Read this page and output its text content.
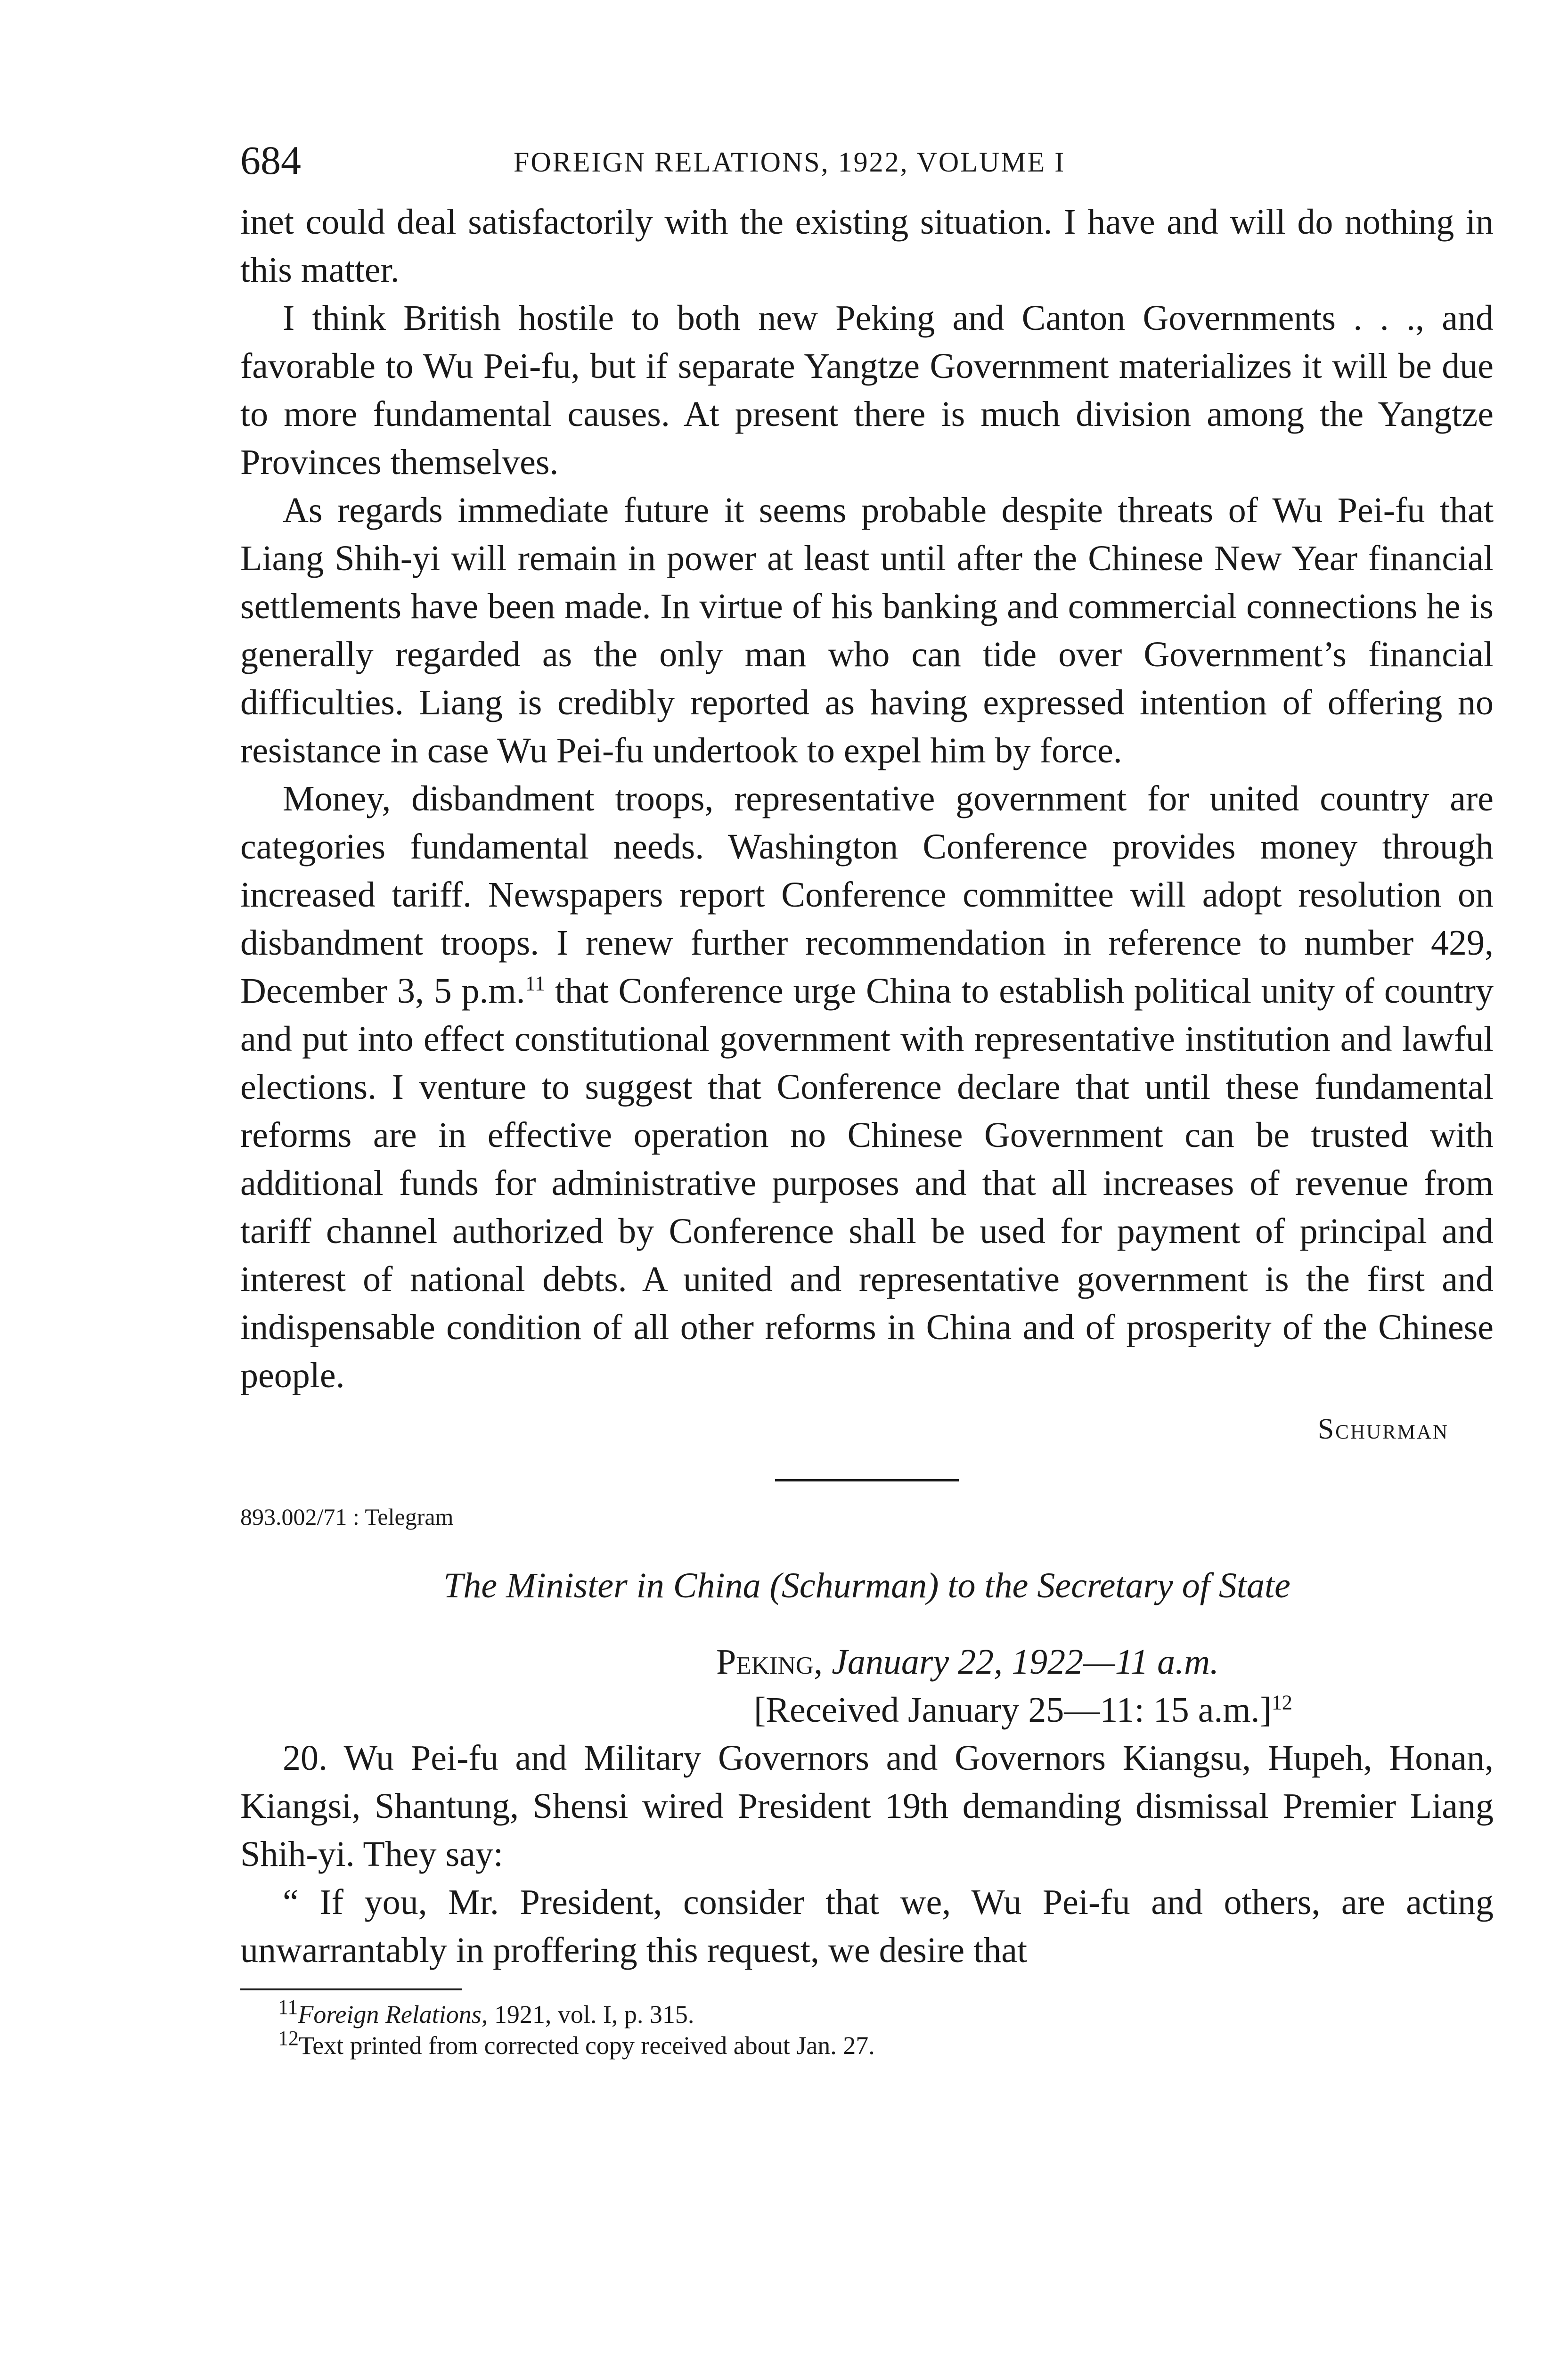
684	FOREIGN RELATIONS, 1922, VOLUME I

inet could deal satisfactorily with the existing situation. I have and will do nothing in this matter.

I think British hostile to both new Peking and Canton Governments . . ., and favorable to Wu Pei-fu, but if separate Yangtze Government materializes it will be due to more fundamental causes. At present there is much division among the Yangtze Provinces themselves.

As regards immediate future it seems probable despite threats of Wu Pei-fu that Liang Shih-yi will remain in power at least until after the Chinese New Year financial settlements have been made. In virtue of his banking and commercial connections he is generally regarded as the only man who can tide over Government’s financial difficulties. Liang is credibly reported as having expressed intention of offering no resistance in case Wu Pei-fu undertook to expel him by force.

Money, disbandment troops, representative government for united country are categories fundamental needs. Washington Conference provides money through increased tariff. Newspapers report Conference committee will adopt resolution on disbandment troops. I renew further recommendation in reference to number 429, December 3, 5 p.m.$^{11}$ that Conference urge China to establish political unity of country and put into effect constitutional government with representative institution and lawful elections. I venture to suggest that Conference declare that until these fundamental reforms are in effective operation no Chinese Government can be trusted with additional funds for administrative purposes and that all increases of revenue from tariff channel authorized by Conference shall be used for payment of principal and interest of national debts. A united and representative government is the first and indispensable condition of all other reforms in China and of prosperity of the Chinese people.

Schurman
893.002/71 : Telegram
The Minister in China (Schurman) to the Secretary of State
Peking, January 22, 1922—11 a.m.
[Received January 25—11: 15 a.m.]$^{12}$

20. Wu Pei-fu and Military Governors and Governors Kiangsu, Hupeh, Honan, Kiangsi, Shantung, Shensi wired President 19th demanding dismissal Premier Liang Shih-yi. They say:

“ If you, Mr. President, consider that we, Wu Pei-fu and others, are acting unwarrantably in proffering this request, we desire that

$^{11}$Foreign Relations, 1921, vol. I, p. 315.
$^{12}$Text printed from corrected copy received about Jan. 27.
